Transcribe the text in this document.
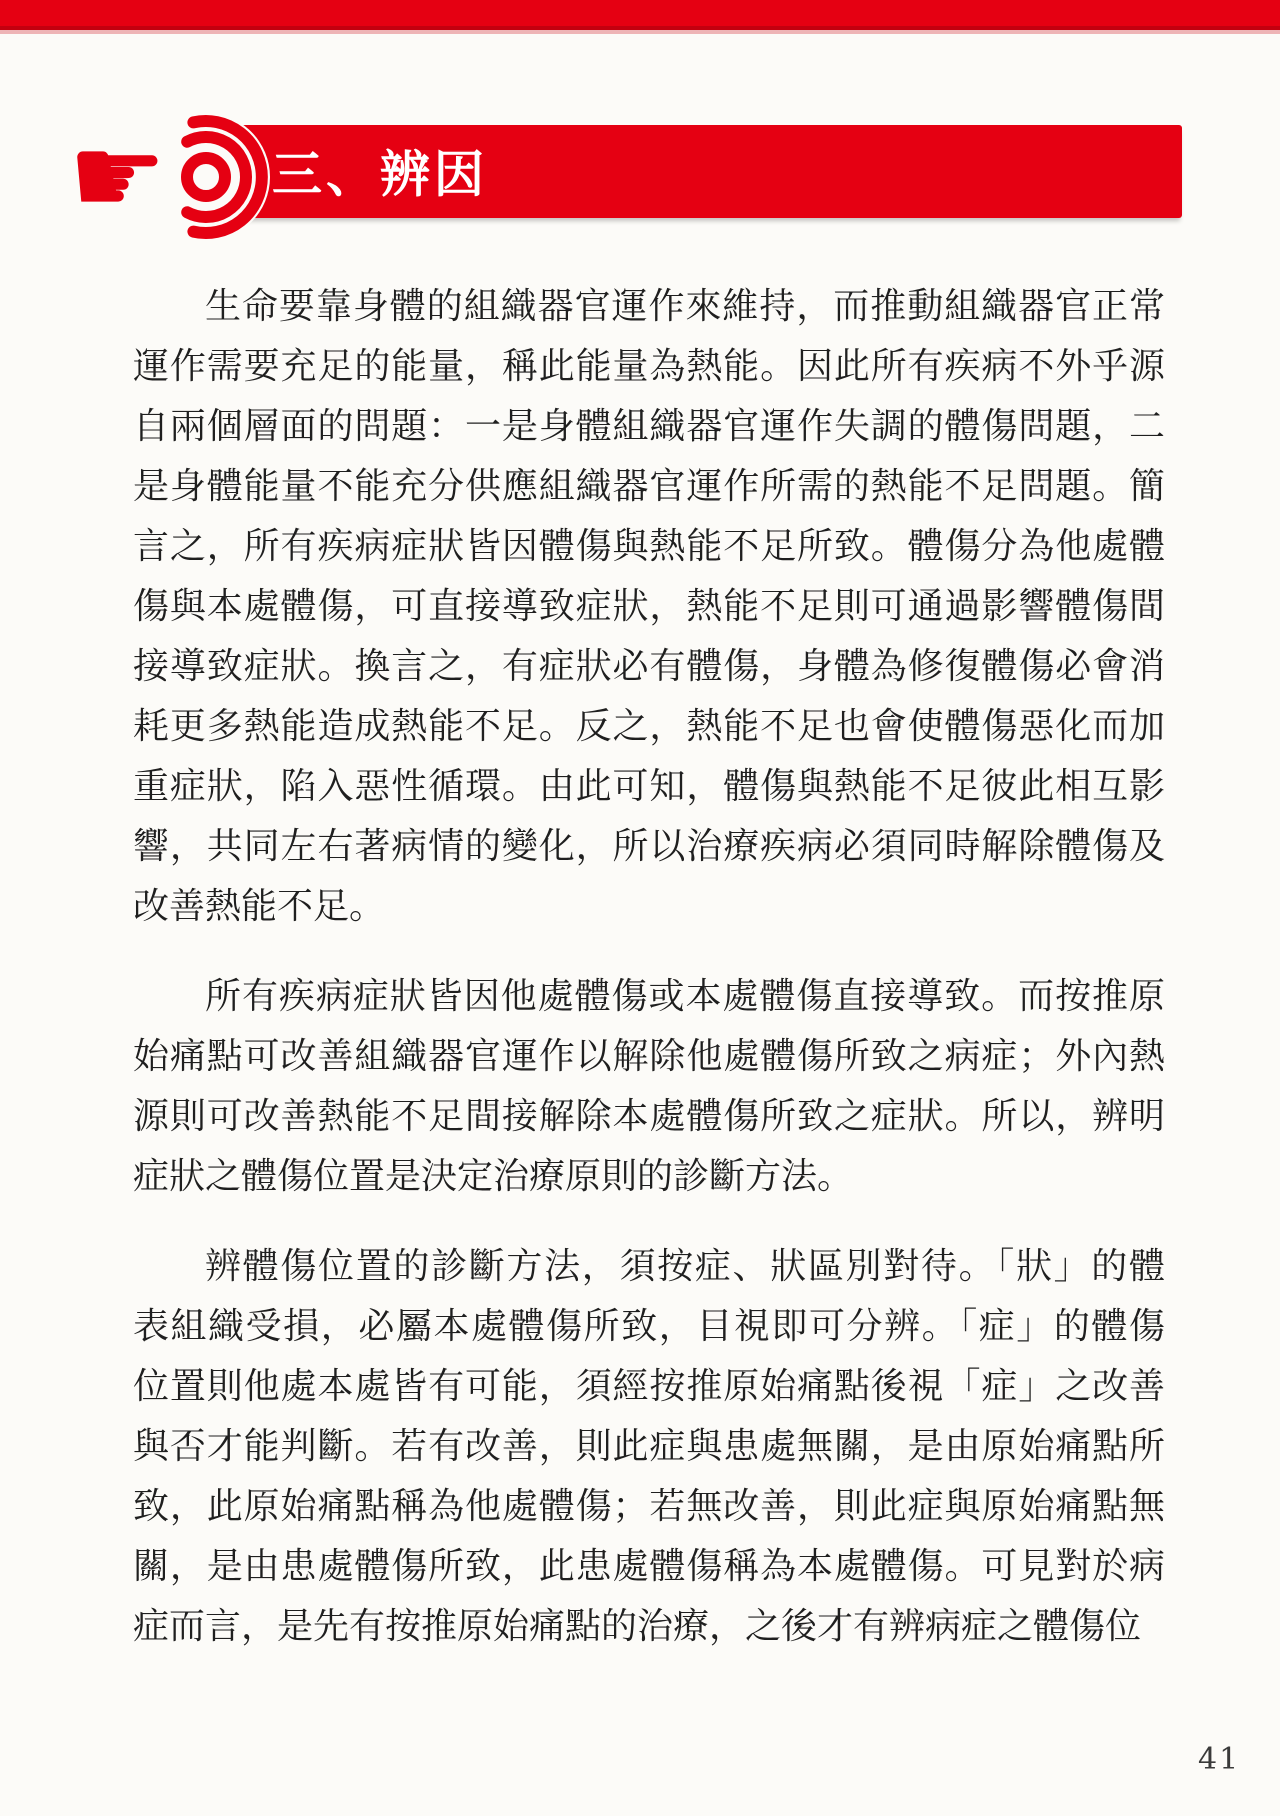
三、辨因
☛
生命要靠身體的組織器官運作來維持，而推動組織器官正常
運作需要充足的能量，稱此能量為熱能。因此所有疾病不外乎源
自兩個層面的問題：一是身體組織器官運作失調的體傷問題，二
是身體能量不能充分供應組織器官運作所需的熱能不足問題。簡
言之，所有疾病症狀皆因體傷與熱能不足所致。體傷分為他處體
傷與本處體傷，可直接導致症狀，熱能不足則可通過影響體傷間
接導致症狀。換言之，有症狀必有體傷，身體為修復體傷必會消
耗更多熱能造成熱能不足。反之，熱能不足也會使體傷惡化而加
重症狀，陷入惡性循環。由此可知，體傷與熱能不足彼此相互影
響，共同左右著病情的變化，所以治療疾病必須同時解除體傷及
改善熱能不足。
所有疾病症狀皆因他處體傷或本處體傷直接導致。而按推原
始痛點可改善組織器官運作以解除他處體傷所致之病症；外內熱
源則可改善熱能不足間接解除本處體傷所致之症狀。所以，辨明
症狀之體傷位置是決定治療原則的診斷方法。
辨體傷位置的診斷方法，須按症、狀區別對待。「狀」的體
表組織受損，必屬本處體傷所致，目視即可分辨。「症」的體傷
位置則他處本處皆有可能，須經按推原始痛點後視「症」之改善
與否才能判斷。若有改善，則此症與患處無關，是由原始痛點所
致，此原始痛點稱為他處體傷；若無改善，則此症與原始痛點無
關，是由患處體傷所致，此患處體傷稱為本處體傷。可見對於病
症而言，是先有按推原始痛點的治療，之後才有辨病症之體傷位
41
